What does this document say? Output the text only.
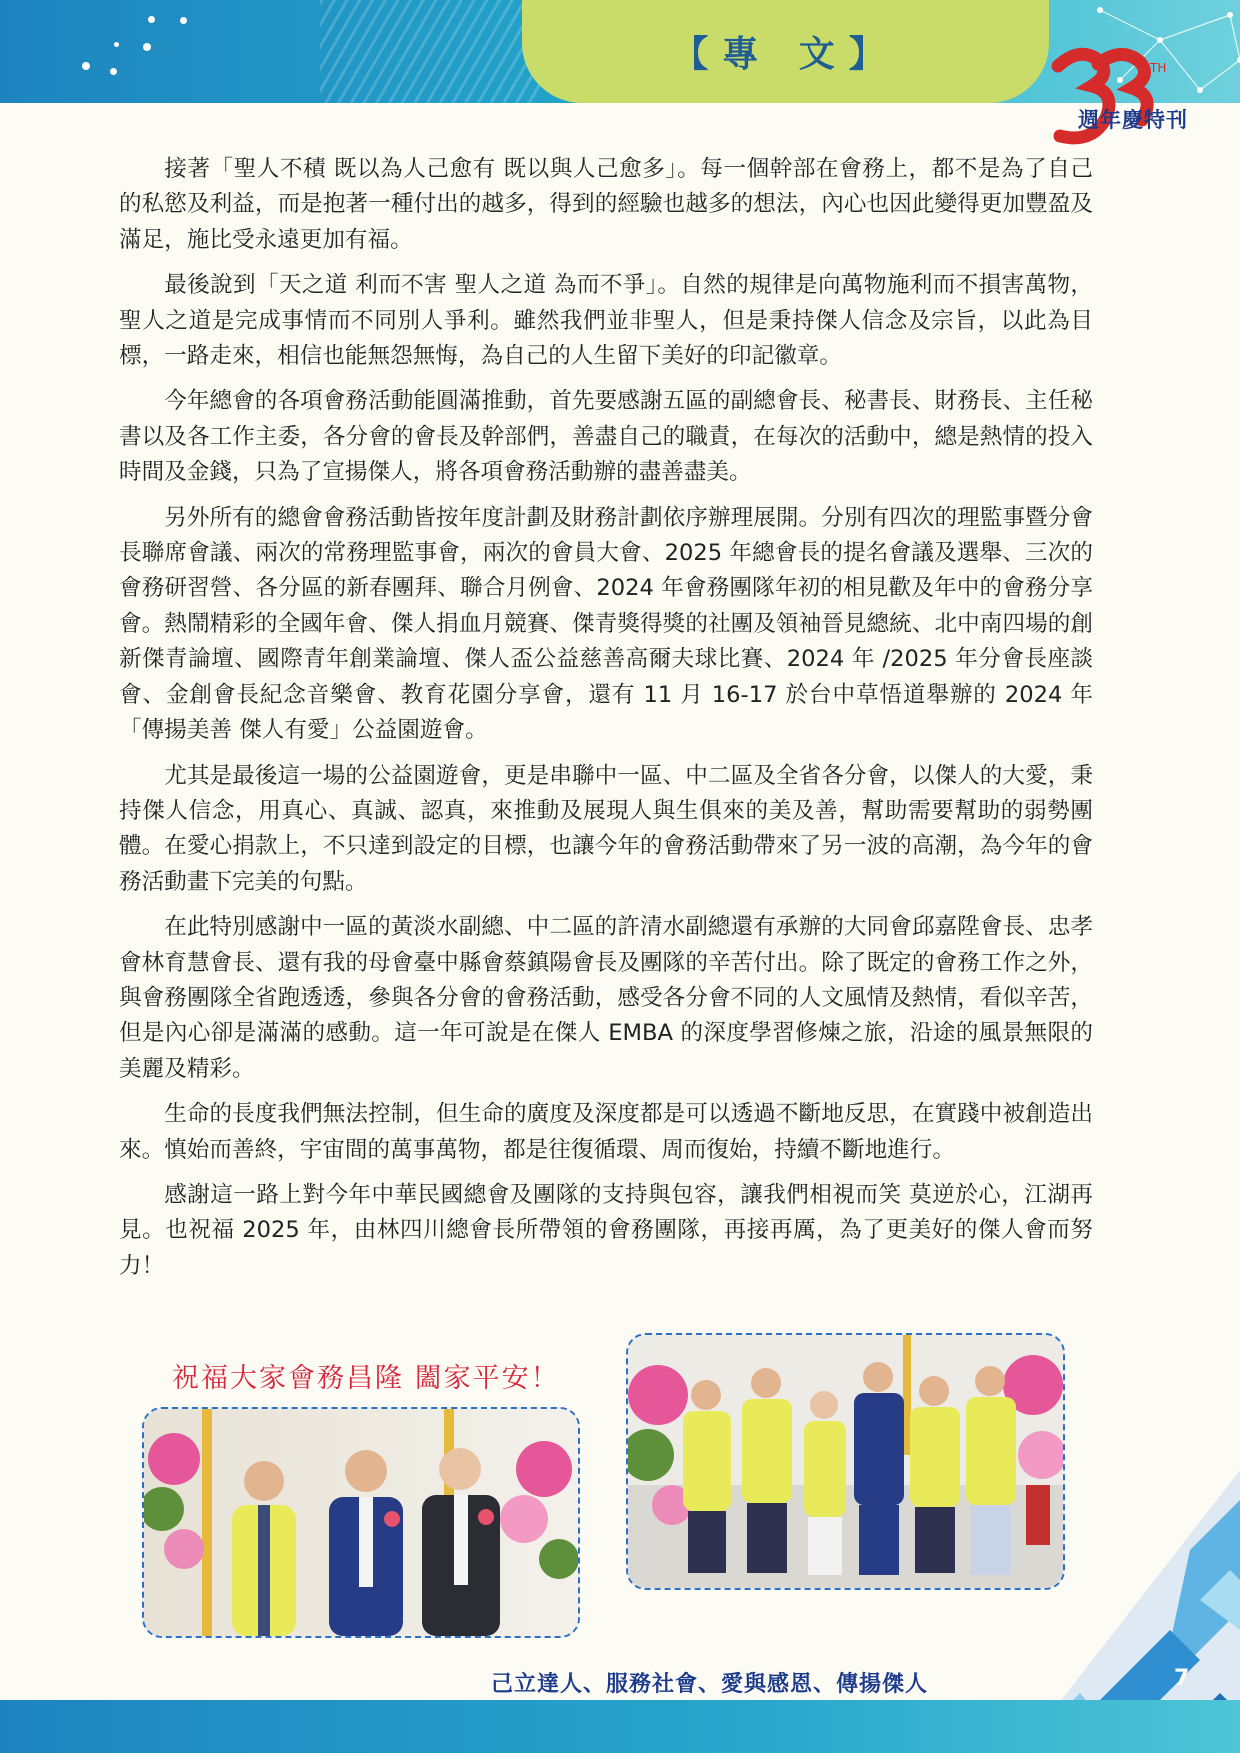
【專 文】	TH
週年慶特刊

接著「聖人不積 既以為人己愈有 既以與人己愈多」。每一個幹部在會務上，都不是為了自己的私慾及利益，而是抱著一種付出的越多，得到的經驗也越多的想法，內心也因此變得更加豐盈及滿足，施比受永遠更加有福。

最後說到「天之道 利而不害 聖人之道 為而不爭」。自然的規律是向萬物施利而不損害萬物，聖人之道是完成事情而不同別人爭利。雖然我們並非聖人，但是秉持傑人信念及宗旨，以此為目標，一路走來，相信也能無怨無悔，為自己的人生留下美好的印記徽章。

今年總會的各項會務活動能圓滿推動，首先要感謝五區的副總會長、秘書長、財務長、主任秘書以及各工作主委，各分會的會長及幹部們，善盡自己的職責，在每次的活動中，總是熱情的投入時間及金錢，只為了宣揚傑人，將各項會務活動辦的盡善盡美。

另外所有的總會會務活動皆按年度計劃及財務計劃依序辦理展開。分別有四次的理監事暨分會長聯席會議、兩次的常務理監事會，兩次的會員大會、2025 年總會長的提名會議及選舉、三次的會務研習營、各分區的新春團拜、聯合月例會、2024 年會務團隊年初的相見歡及年中的會務分享會。熱鬧精彩的全國年會、傑人捐血月競賽、傑青獎得獎的社團及領袖晉見總統、北中南四場的創新傑青論壇、國際青年創業論壇、傑人盃公益慈善高爾夫球比賽、2024 年 /2025 年分會長座談會、金創會長紀念音樂會、教育花園分享會，還有 11 月 16-17 於台中草悟道舉辦的 2024 年「傳揚美善 傑人有愛」公益園遊會。

尤其是最後這一場的公益園遊會，更是串聯中一區、中二區及全省各分會，以傑人的大愛，秉持傑人信念，用真心、真誠、認真，來推動及展現人與生俱來的美及善，幫助需要幫助的弱勢團體。在愛心捐款上，不只達到設定的目標，也讓今年的會務活動帶來了另一波的高潮，為今年的會務活動畫下完美的句點。

在此特別感謝中一區的黃淡水副總、中二區的許清水副總還有承辦的大同會邱嘉陞會長、忠孝會林育慧會長、還有我的母會臺中縣會蔡鎮陽會長及團隊的辛苦付出。除了既定的會務工作之外，與會務團隊全省跑透透，參與各分會的會務活動，感受各分會不同的人文風情及熱情，看似辛苦，但是內心卻是滿滿的感動。這一年可說是在傑人 EMBA 的深度學習修煉之旅，沿途的風景無限的美麗及精彩。

生命的長度我們無法控制，但生命的廣度及深度都是可以透過不斷地反思，在實踐中被創造出來。慎始而善終，宇宙間的萬事萬物，都是往復循環、周而復始，持續不斷地進行。

感謝這一路上對今年中華民國總會及團隊的支持與包容，讓我們相視而笑 莫逆於心，江湖再見。也祝福 2025 年，由林四川總會長所帶領的會務團隊，再接再厲，為了更美好的傑人會而努力！

祝福大家會務昌隆 闔家平安！
己立達人、服務社會、愛與感恩、傳揚傑人	7
